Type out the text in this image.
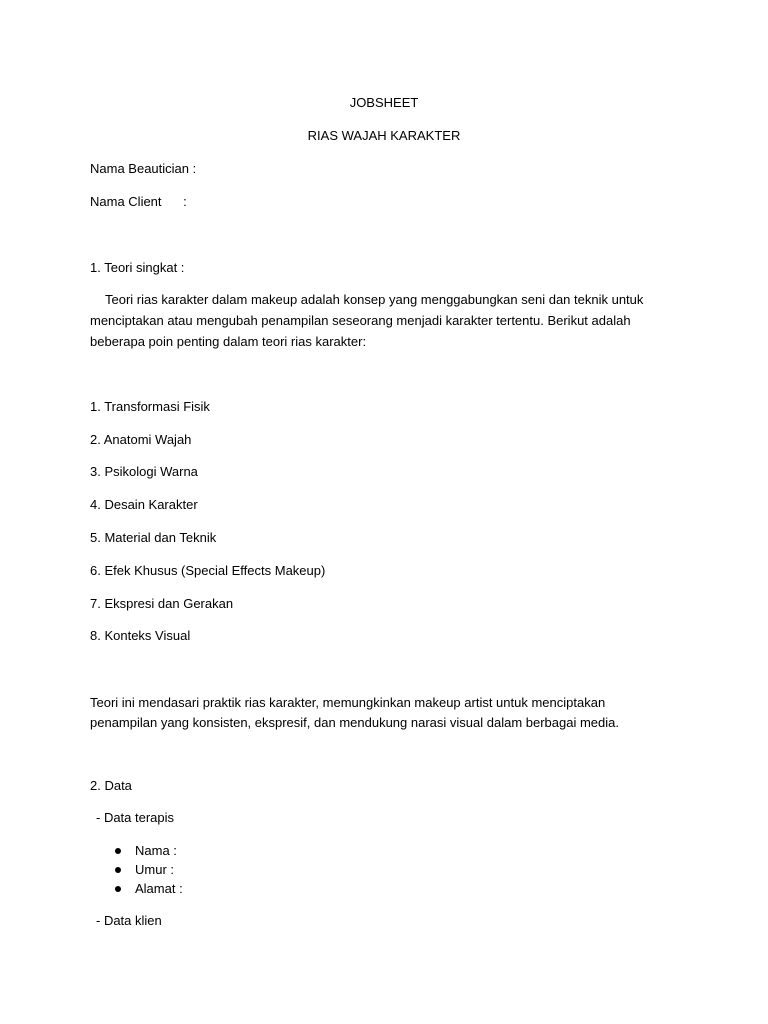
JOBSHEET

RIAS WAJAH KARAKTER

Nama Beautician :

Nama Client :

1. Teori singkat :

Teori rias karakter dalam makeup adalah konsep yang menggabungkan seni dan teknik untuk

menciptakan atau mengubah penampilan seseorang menjadi karakter tertentu. Berikut adalah

beberapa poin penting dalam teori rias karakter:

1. Transformasi Fisik

2. Anatomi Wajah

3. Psikologi Warna

4. Desain Karakter

5. Material dan Teknik

6. Efek Khusus (Special Effects Makeup)

7. Ekspresi dan Gerakan

8. Konteks Visual

Teori ini mendasari praktik rias karakter, memungkinkan makeup artist untuk menciptakan

penampilan yang konsisten, ekspresif, dan mendukung narasi visual dalam berbagai media.

2. Data

- Data terapis

Nama :
Umur :
Alamat :

- Data klien
